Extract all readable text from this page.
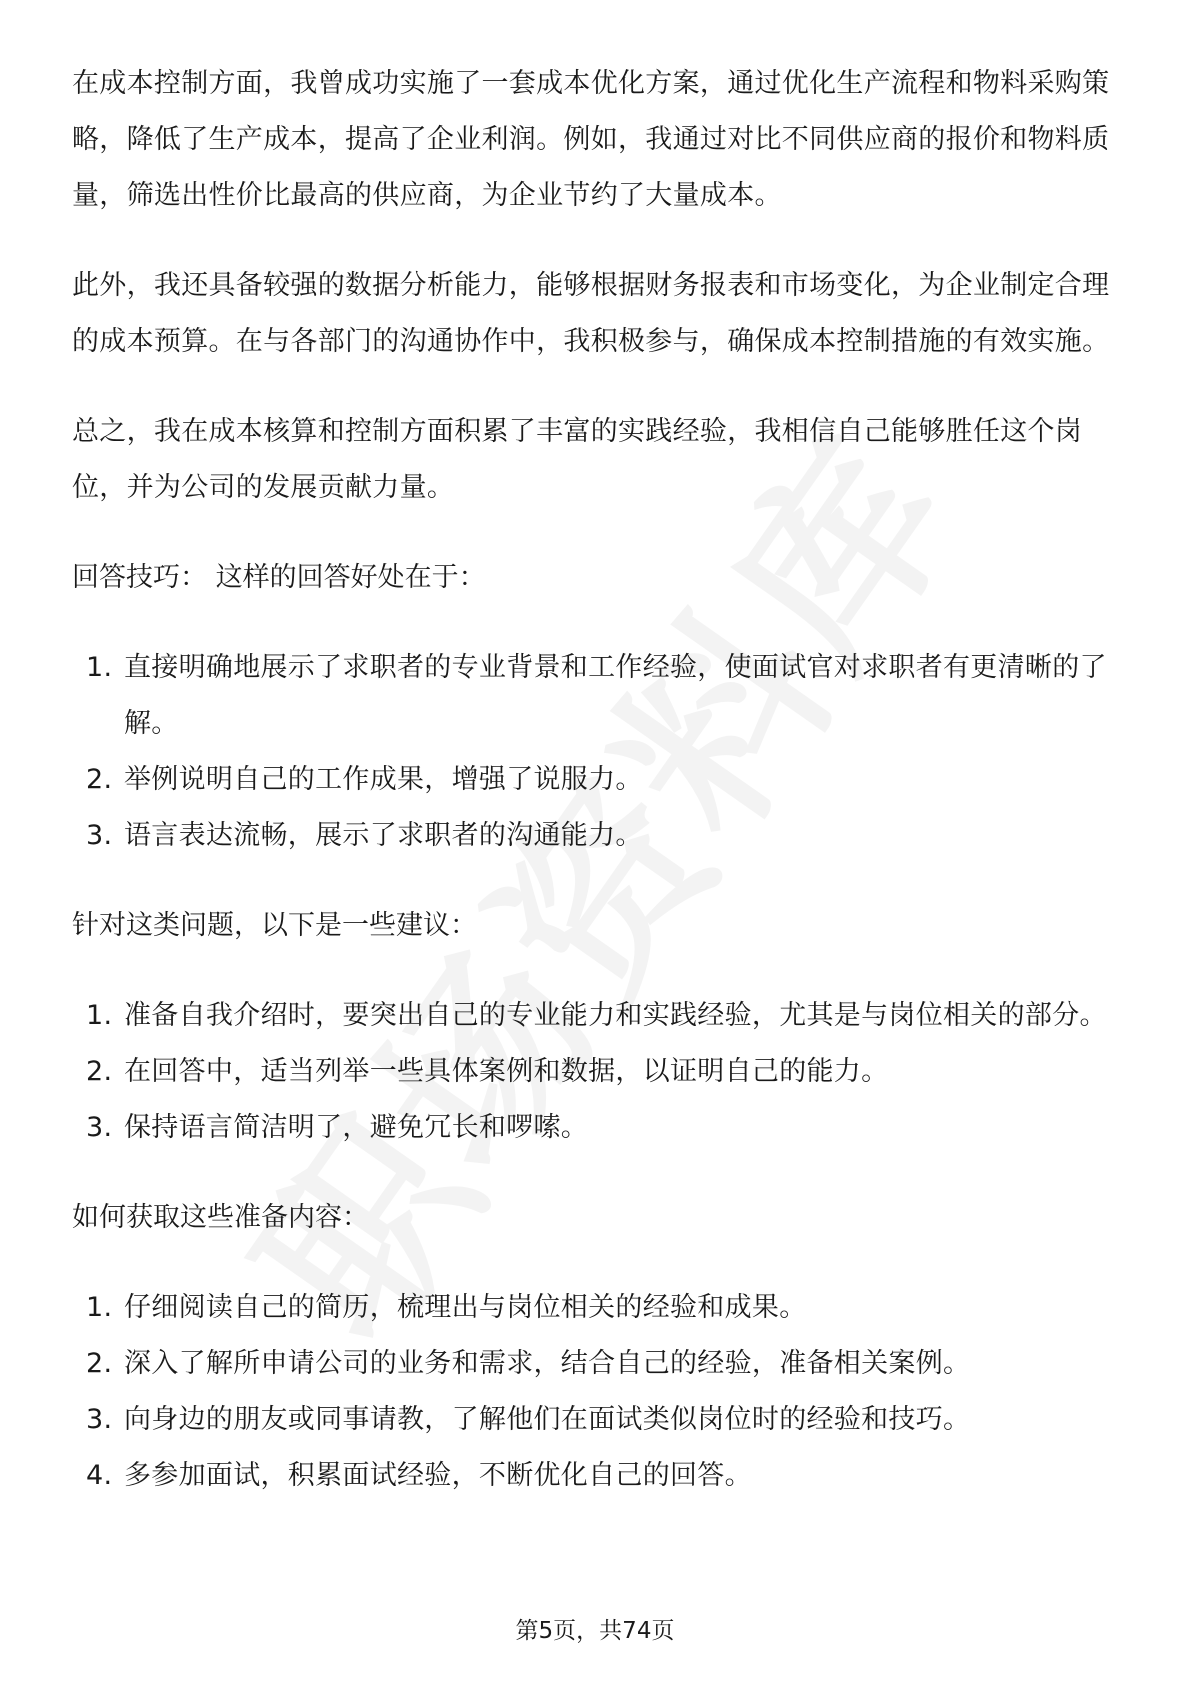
在成本控制方面，我曾成功实施了一套成本优化方案，通过优化生产流程和物料采购策略，降低了生产成本，提高了企业利润。例如，我通过对比不同供应商的报价和物料质量，筛选出性价比最高的供应商，为企业节约了大量成本。

此外，我还具备较强的数据分析能力，能够根据财务报表和市场变化，为企业制定合理的成本预算。在与各部门的沟通协作中，我积极参与，确保成本控制措施的有效实施。

总之，我在成本核算和控制方面积累了丰富的实践经验，我相信自己能够胜任这个岗位，并为公司的发展贡献力量。

回答技巧： 这样的回答好处在于：

1. 直接明确地展示了求职者的专业背景和工作经验，使面试官对求职者有更清晰的了解。
2. 举例说明自己的工作成果，增强了说服力。
3. 语言表达流畅，展示了求职者的沟通能力。

针对这类问题，以下是一些建议：

1. 准备自我介绍时，要突出自己的专业能力和实践经验，尤其是与岗位相关的部分。
2. 在回答中，适当列举一些具体案例和数据，以证明自己的能力。
3. 保持语言简洁明了，避免冗长和啰嗦。

如何获取这些准备内容：

1. 仔细阅读自己的简历，梳理出与岗位相关的经验和成果。
2. 深入了解所申请公司的业务和需求，结合自己的经验，准备相关案例。
3. 向身边的朋友或同事请教，了解他们在面试类似岗位时的经验和技巧。
4. 多参加面试，积累面试经验，不断优化自己的回答。
第5页，共74页
